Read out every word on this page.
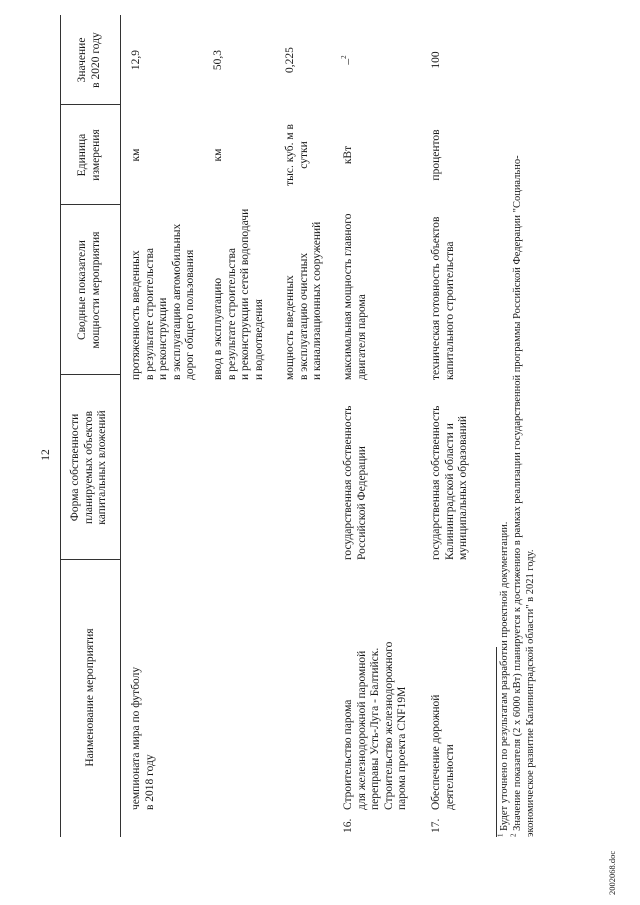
12
Наименование мероприятия
Форма собственности планируемых объектов капитальных вложений
Сводные показатели мощности мероприятия
Единица измерения
Значение в 2020 году
чемпионата мира по футболу в 2018 году
протяженность введенных в результате строительства и реконструкции в эксплуатацию автомобильных дорог общего пользования
км
12,9
ввод в эксплуатацию в результате строительства и реконструкции сетей водоподачи и водоотведения
км
50,3
мощность введенных в эксплуатацию очистных и канализационных сооружений
тыс. куб. м в сутки
0,225
16.
Строительство парома для железнодорожной паромной переправы Усть-Луга - Балтийск. Строительство железнодорожного парома проекта CNF19M
государственная собственность Российской Федерации
максимальная мощность главного двигателя парома
кВт
–$^2$
17.
Обеспечение дорожной деятельности
государственная собственность Калининградской области и муниципальных образований
техническая готовность объектов капитального строительства
процентов
100
$^1$ Будет уточнено по результатам разработки проектной документации.
$^2$ Значение показателя (2 х 6000 кВт) планируется к достижению в рамках реализации государственной программы Российской Федерации "Социально- экономическое развитие Калининградской области" в 2021 году.
2002068.doc
